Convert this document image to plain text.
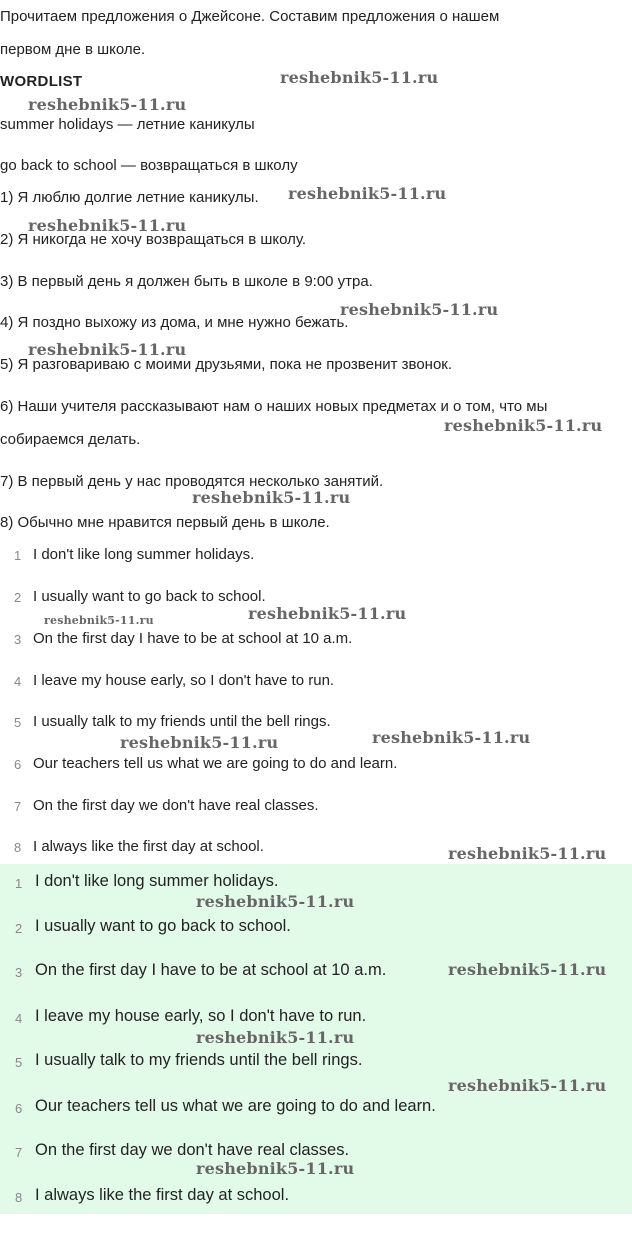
Прочитаем предложения о Джейсоне. Составим предложения о нашем

первом дне в школе.

WORDLIST

summer holidays — летние каникулы

go back to school — возвращаться в школу

1) Я люблю долгие летние каникулы.

2) Я никогда не хочу возвращаться в школу.

3) В первый день я должен быть в школе в 9:00 утра.

4) Я поздно выхожу из дома, и мне нужно бежать.

5) Я разговариваю с моими друзьями, пока не прозвенит звонок.

6) Наши учителя рассказывают нам о наших новых предметах и о том, что мы

собираемся делать.

7) В первый день у нас проводятся несколько занятий.

8) Обычно мне нравится первый день в школе.

1 I don't like long summer holidays.
2 I usually want to go back to school.
3 On the first day I have to be at school at 10 a.m.
4 I leave my house early, so I don't have to run.
5 I usually talk to my friends until the bell rings.
6 Our teachers tell us what we are going to do and learn.
7 On the first day we don't have real classes.
8 I always like the first day at school.
1 I don't like long summer holidays.
2 I usually want to go back to school.
3 On the first day I have to be at school at 10 a.m.
4 I leave my house early, so I don't have to run.
5 I usually talk to my friends until the bell rings.
6 Our teachers tell us what we are going to do and learn.
7 On the first day we don't have real classes.
8 I always like the first day at school.
reshebnik5-11.ru
reshebnik5-11.ru
reshebnik5-11.ru
reshebnik5-11.ru
reshebnik5-11.ru
reshebnik5-11.ru
reshebnik5-11.ru
reshebnik5-11.ru
reshebnik5-11.ru	reshebnik5-11.ru
reshebnik5-11.ru	reshebnik5-11.ru
reshebnik5-11.ru
reshebnik5-11.ru
reshebnik5-11.ru
reshebnik5-11.ru
reshebnik5-11.ru
reshebnik5-11.ru
